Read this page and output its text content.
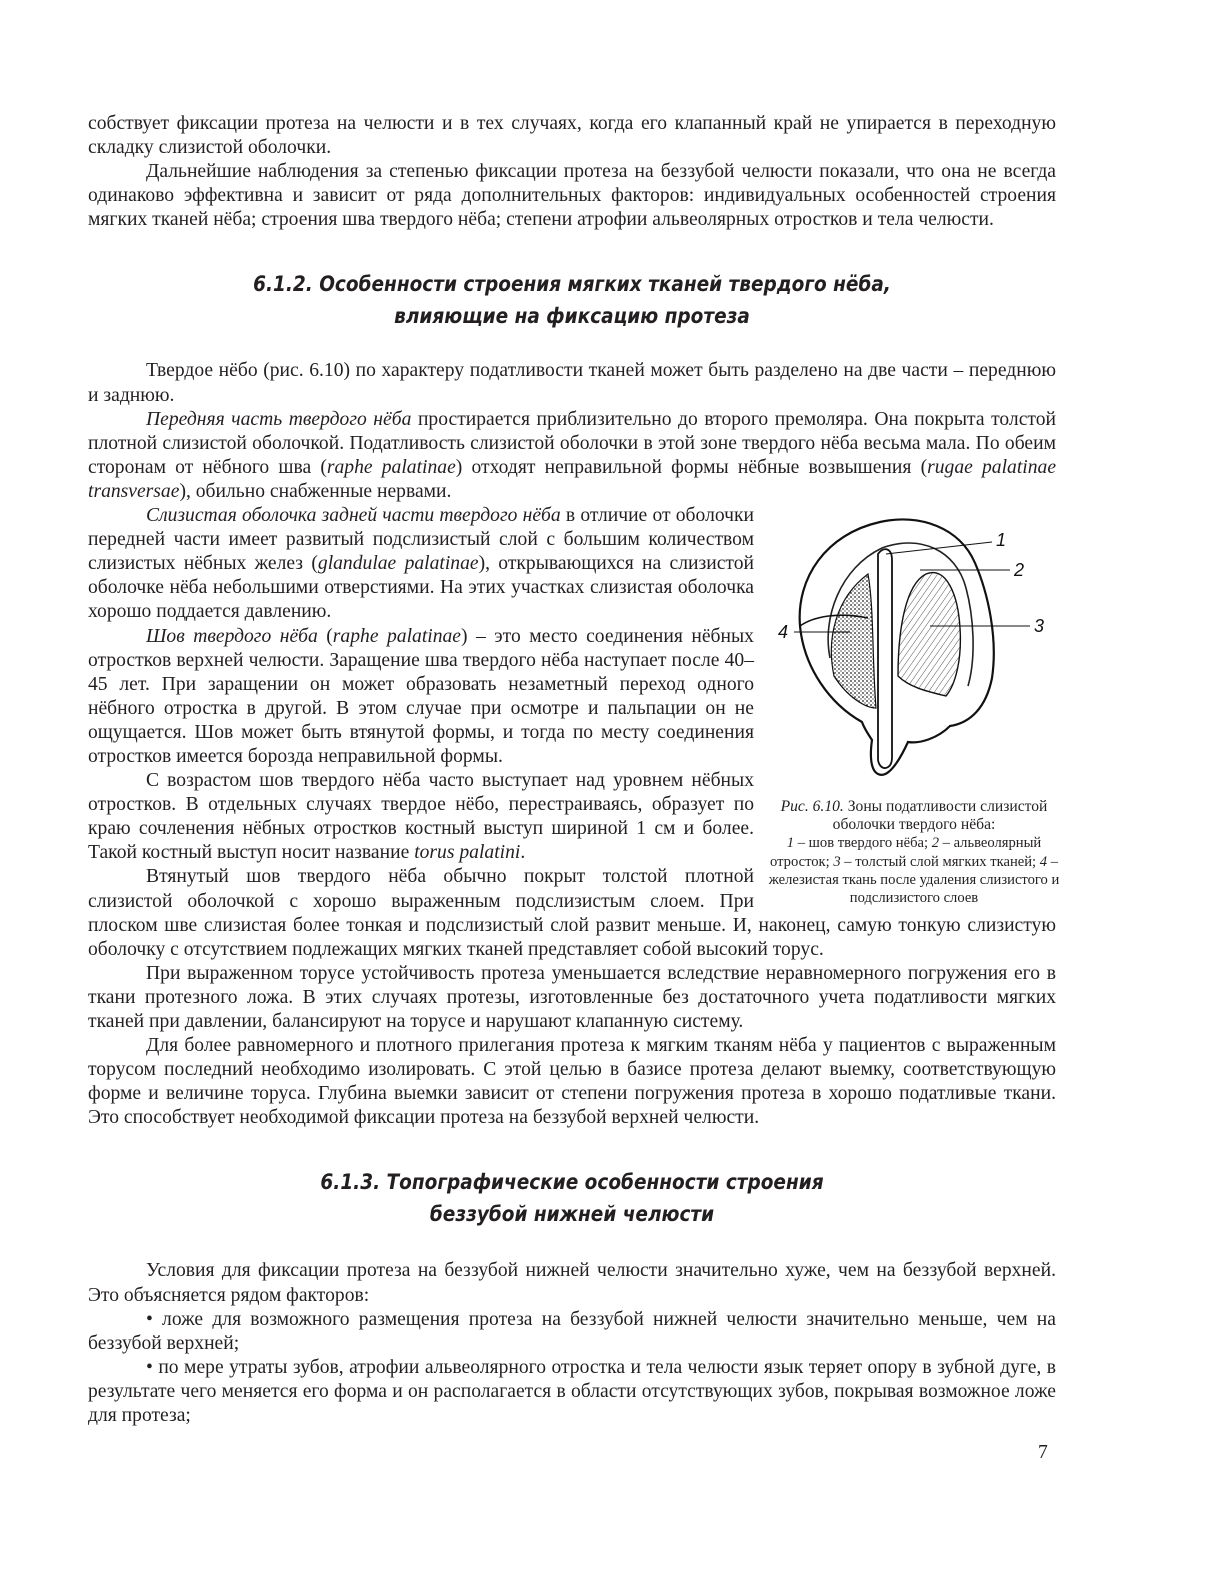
собствует фиксации протеза на челюсти и в тех случаях, когда его клапанный край не упирается в переходную складку слизистой оболочки.

Дальнейшие наблюдения за степенью фиксации протеза на беззубой челюсти показали, что она не всегда одинаково эффективна и зависит от ряда дополнительных факторов: индивидуальных особенностей строения мягких тканей нёба; строения шва твердого нёба; степени атрофии альвеолярных отростков и тела челюсти.

6.1.2. Особенности строения мягких тканей твердого нёба,
влияющие на фиксацию протеза

Твердое нёбо (рис. 6.10) по характеру податливости тканей может быть разделено на две части – переднюю и заднюю.

Передняя часть твердого нёба простирается приблизительно до второго премоляра. Она покрыта толстой плотной слизистой оболочкой. Податливость слизистой оболочки в этой зоне твердого нёба весьма мала. По обеим сторонам от нёбного шва (raphe palatinae) отходят неправильной формы нёбные возвышения (rugae palatinae transversae), обильно снабженные нервами.

1
2
3
4
Рис. 6.10. Зоны податливости слизистой оболочки твердого нёба:
1 – шов твердого нёба; 2 – альвеолярный отросток; 3 – толстый слой мягких тканей; 4 – железистая ткань после удаления слизистого и подслизистого слоев

Слизистая оболочка задней части твердого нёба в отличие от оболочки передней части имеет развитый подслизистый слой с большим количеством слизистых нёбных желез (glandulae palatinae), открывающихся на слизистой оболочке нёба небольшими отверстиями. На этих участках слизистая оболочка хорошо поддается давлению.

Шов твердого нёба (raphe palatinae) – это место соединения нёбных отростков верхней челюсти. Заращение шва твердого нёба наступает после 40–45 лет. При заращении он может образовать незаметный переход одного нёбного отростка в другой. В этом случае при осмотре и пальпации он не ощущается. Шов может быть втянутой формы, и тогда по месту соединения отростков имеется борозда неправильной формы.

С возрастом шов твердого нёба часто выступает над уровнем нёбных отростков. В отдельных случаях твердое нёбо, перестраиваясь, образует по краю сочленения нёбных отростков костный выступ шириной 1 см и более. Такой костный выступ носит название torus palatini.

Втянутый шов твердого нёба обычно покрыт толстой плотной слизистой оболочкой с хорошо выраженным подслизистым слоем. При плоском шве слизистая более тонкая и подслизистый слой развит меньше. И, наконец, самую тонкую слизистую оболочку с отсутствием подлежащих мягких тканей представляет собой высокий торус.

При выраженном торусе устойчивость протеза уменьшается вследствие неравномерного погружения его в ткани протезного ложа. В этих случаях протезы, изготовленные без достаточного учета податливости мягких тканей при давлении, балансируют на торусе и нарушают клапанную систему.

Для более равномерного и плотного прилегания протеза к мягким тканям нёба у пациентов с выраженным торусом последний необходимо изолировать. С этой целью в базисе протеза делают выемку, соответствующую форме и величине торуса. Глубина выемки зависит от степени погружения протеза в хорошо податливые ткани. Это способствует необходимой фиксации протеза на беззубой верхней челюсти.

6.1.3. Топографические особенности строения
беззубой нижней челюсти

Условия для фиксации протеза на беззубой нижней челюсти значительно хуже, чем на беззубой верхней. Это объясняется рядом факторов:

• ложе для возможного размещения протеза на беззубой нижней челюсти значительно меньше, чем на беззубой верхней;

• по мере утраты зубов, атрофии альвеолярного отростка и тела челюсти язык теряет опору в зубной дуге, в результате чего меняется его форма и он располагается в области отсутствующих зубов, покрывая возможное ложе для протеза;

7
